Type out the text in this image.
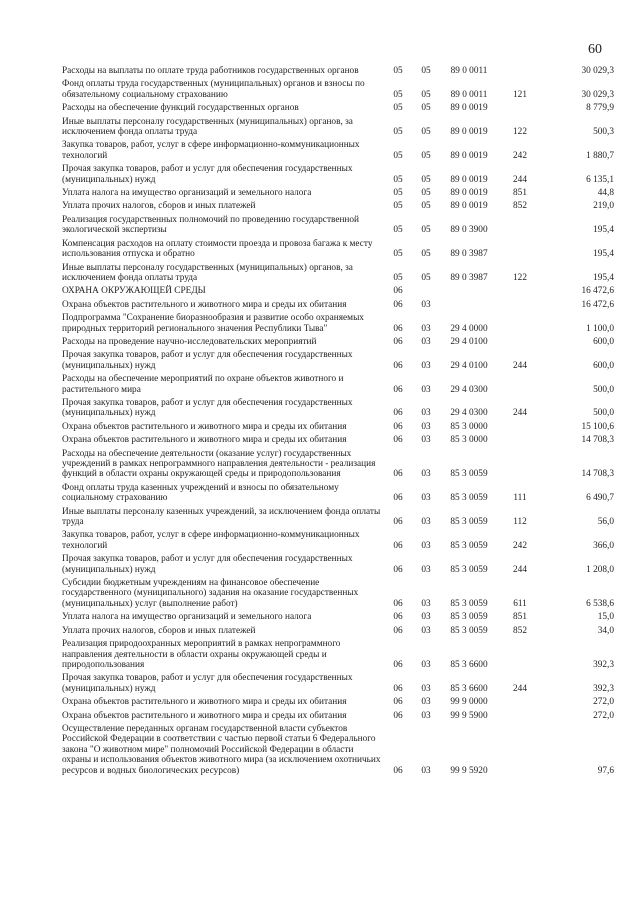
60
Расходы на выплаты по оплате труда работников государственных органов	05	05	89 0 0011		30 029,3
Фонд оплаты труда государственных (муниципальных) органов и взносы по обязательному социальному страхованию	05	05	89 0 0011	121	30 029,3
Расходы на обеспечение функций государственных органов	05	05	89 0 0019		8 779,9
Иные выплаты персоналу государственных (муниципальных) органов, за исключением фонда оплаты труда	05	05	89 0 0019	122	500,3
Закупка товаров, работ, услуг в сфере информационно-коммуникационных технологий	05	05	89 0 0019	242	1 880,7
Прочая закупка товаров, работ и услуг для обеспечения государственных (муниципальных) нужд	05	05	89 0 0019	244	6 135,1
Уплата налога на имущество организаций и земельного налога	05	05	89 0 0019	851	44,8
Уплата прочих налогов, сборов и иных платежей	05	05	89 0 0019	852	219,0
Реализация государственных полномочий по проведению государственной экологической экспертизы	05	05	89 0 3900		195,4
Компенсация расходов на оплату стоимости проезда и провоза багажа к месту использования отпуска и обратно	05	05	89 0 3987		195,4
Иные выплаты персоналу государственных (муниципальных) органов, за исключением фонда оплаты труда	05	05	89 0 3987	122	195,4
ОХРАНА ОКРУЖАЮЩЕЙ СРЕДЫ	06				16 472,6
Охрана объектов растительного и животного мира и среды их обитания	06	03			16 472,6
Подпрограмма "Сохранение биоразнообразия и развитие особо охраняемых природных территорий регионального значения Республики Тыва"	06	03	29 4 0000		1 100,0
Расходы на проведение научно-исследовательских мероприятий	06	03	29 4 0100		600,0
Прочая закупка товаров, работ и услуг для обеспечения государственных (муниципальных) нужд	06	03	29 4 0100	244	600,0
Расходы на обеспечение мероприятий по охране объектов животного и растительного мира	06	03	29 4 0300		500,0
Прочая закупка товаров, работ и услуг для обеспечения государственных (муниципальных) нужд	06	03	29 4 0300	244	500,0
Охрана объектов растительного и животного мира и среды их обитания	06	03	85 3 0000		15 100,6
Охрана объектов растительного и животного мира и среды их обитания	06	03	85 3 0000		14 708,3
Расходы на обеспечение деятельности (оказание услуг) государственных учреждений в рамках непрограммного направления деятельности - реализация функций в области охраны окружающей среды и природопользования	06	03	85 3 0059		14 708,3
Фонд оплаты труда казенных учреждений и взносы по обязательному социальному страхованию	06	03	85 3 0059	111	6 490,7
Иные выплаты персоналу казенных учреждений, за исключением фонда оплаты труда	06	03	85 3 0059	112	56,0
Закупка товаров, работ, услуг в сфере информационно-коммуникационных технологий	06	03	85 3 0059	242	366,0
Прочая закупка товаров, работ и услуг для обеспечения государственных (муниципальных) нужд	06	03	85 3 0059	244	1 208,0
Субсидии бюджетным учреждениям на финансовое обеспечение государственного (муниципального) задания на оказание государственных (муниципальных) услуг (выполнение работ)	06	03	85 3 0059	611	6 538,6
Уплата налога на имущество организаций и земельного налога	06	03	85 3 0059	851	15,0
Уплата прочих налогов, сборов и иных платежей	06	03	85 3 0059	852	34,0
Реализация природоохранных мероприятий в рамках непрограммного направления деятельности в области охраны окружающей среды и природопользования	06	03	85 3 6600		392,3
Прочая закупка товаров, работ и услуг для обеспечения государственных (муниципальных) нужд	06	03	85 3 6600	244	392,3
Охрана объектов растительного и животного мира и среды их обитания	06	03	99 9 0000		272,0
Охрана объектов растительного и животного мира и среды их обитания	06	03	99 9 5900		272,0
Осуществление переданных органам государственной власти субъектов Российской Федерации в соответствии с частью первой статьи 6 Федерального закона "О животном мире" полномочий Российской Федерации в области охраны и использования объектов животного мира (за исключением охотничьих ресурсов и водных биологических ресурсов)	06	03	99 9 5920		97,6
